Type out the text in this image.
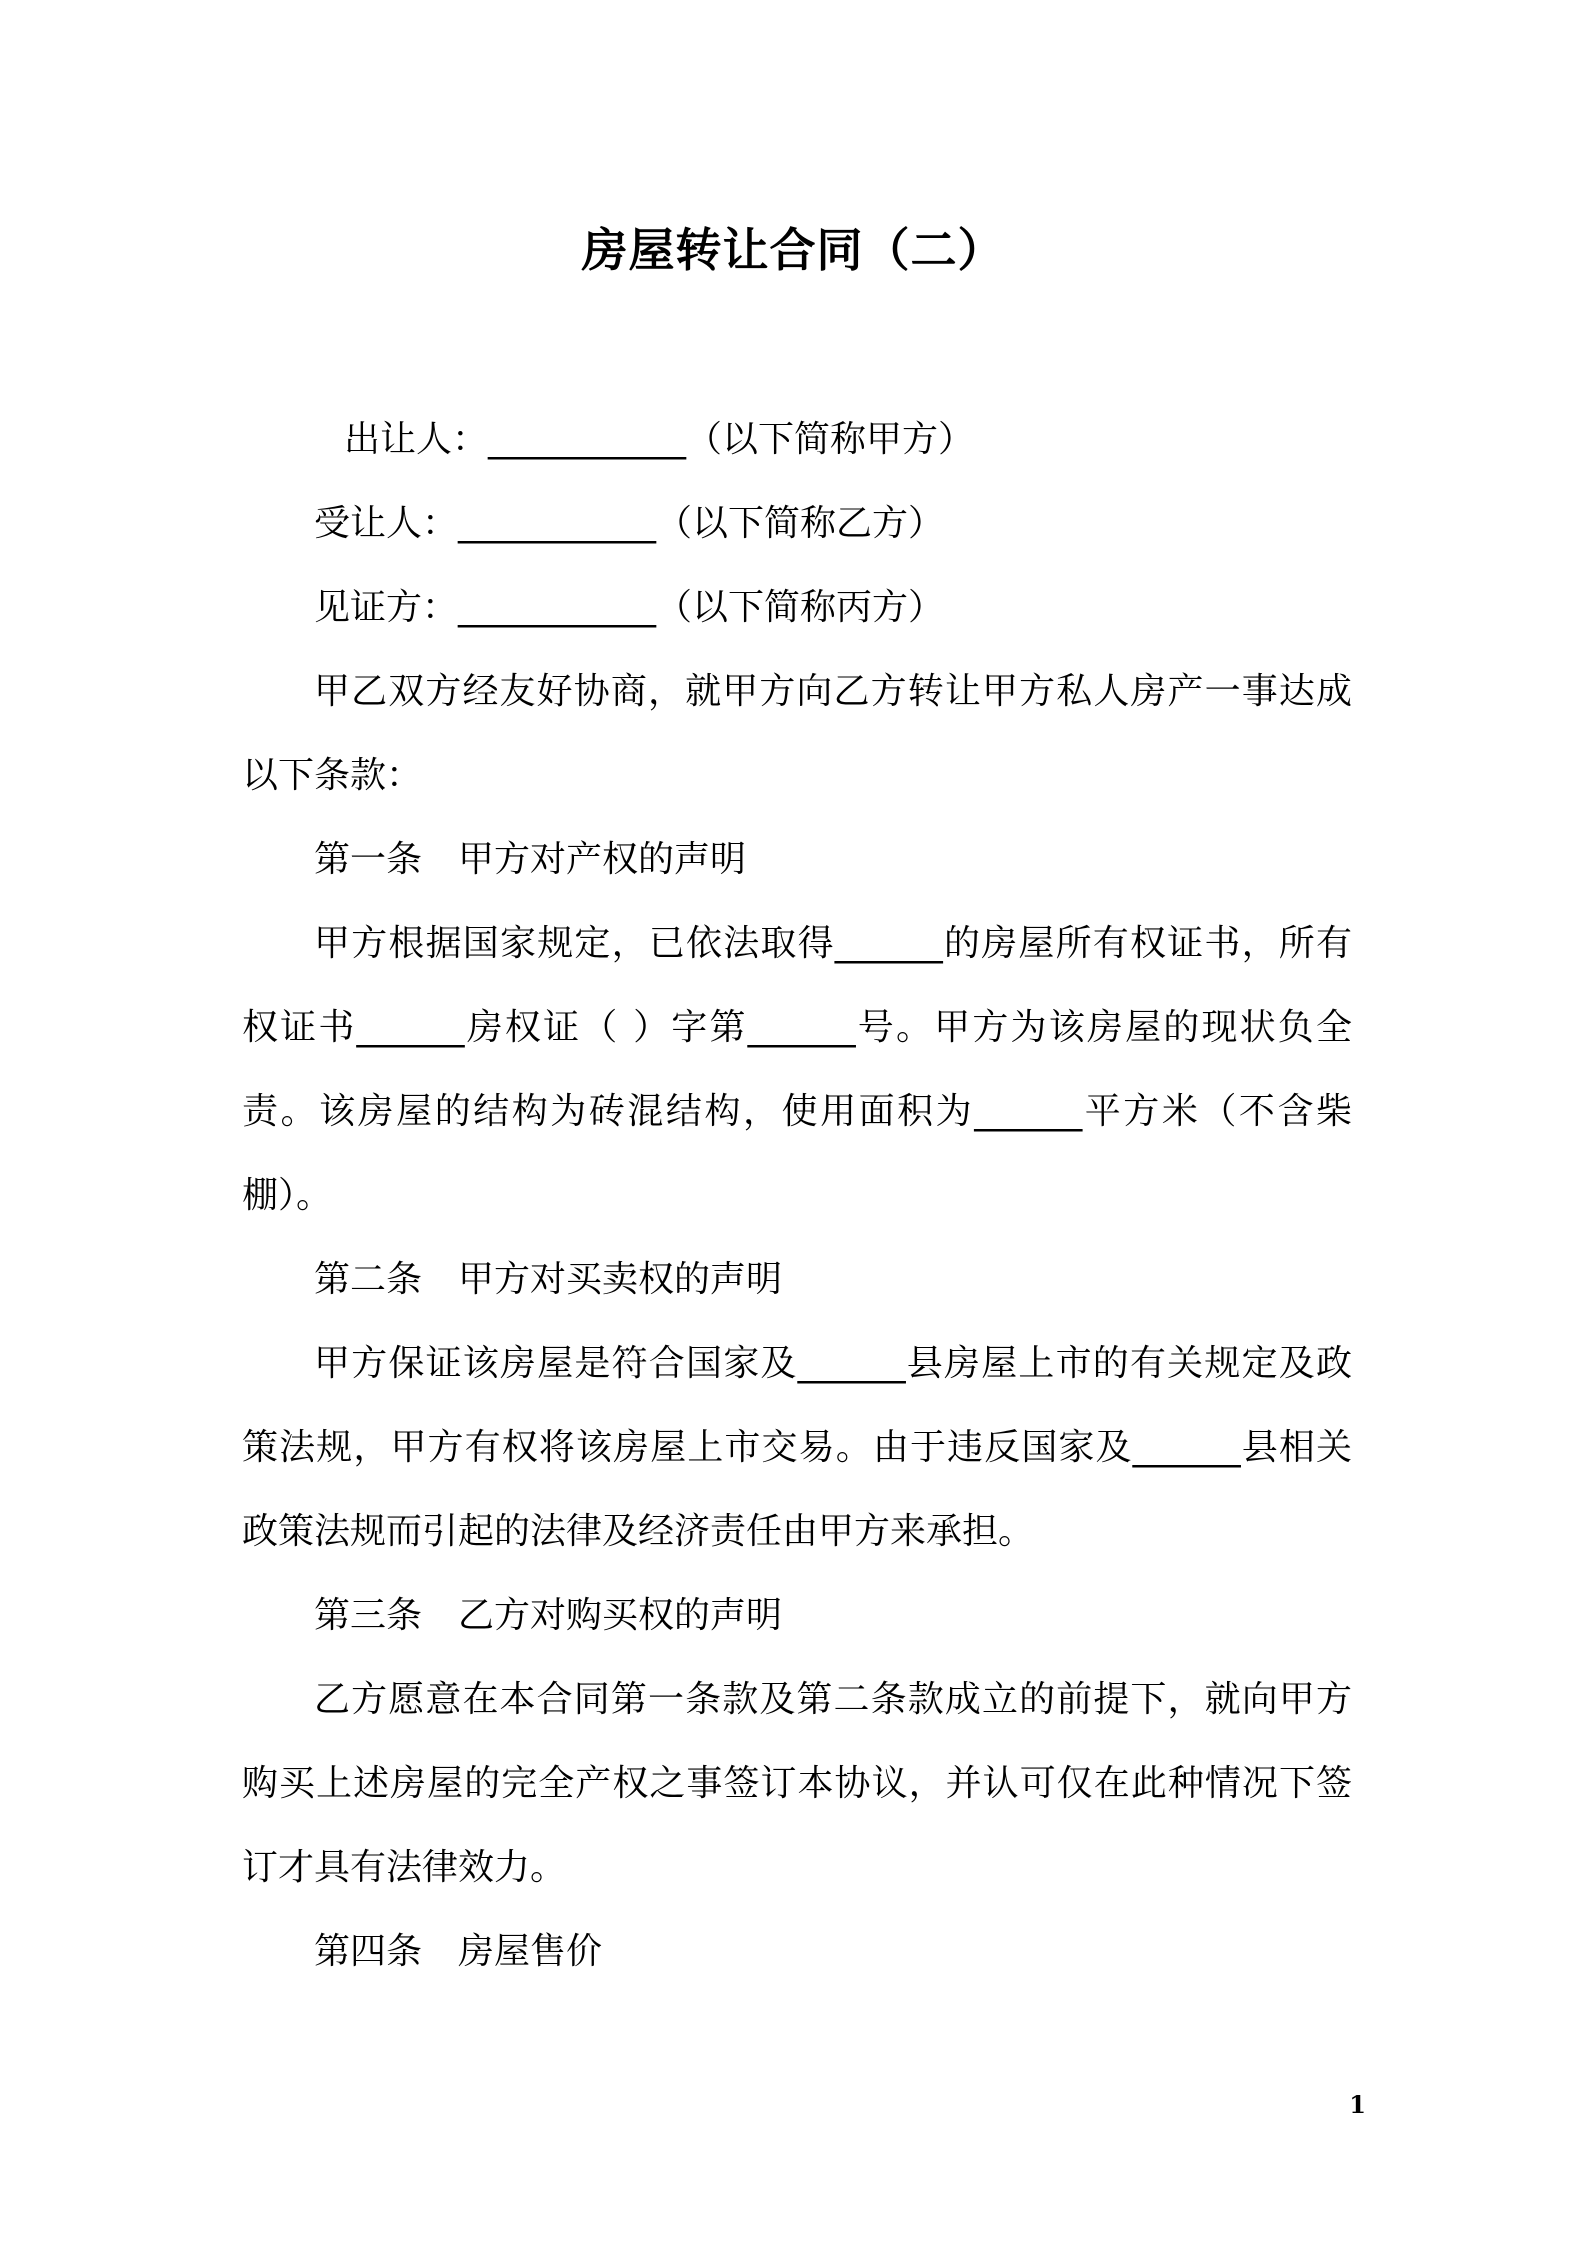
房屋转让合同（二）

出让人：___________（以下简称甲方）

受让人：___________（以下简称乙方）

见证方：___________（以下简称丙方）

甲乙双方经友好协商，就甲方向乙方转让甲方私人房产一事达成以下条款：

第一条　甲方对产权的声明

甲方根据国家规定，已依法取得______的房屋所有权证书，所有权证书______房权证（ ）字第______号。甲方为该房屋的现状负全责。该房屋的结构为砖混结构，使用面积为______平方米（不含柴棚）。

第二条　甲方对买卖权的声明

甲方保证该房屋是符合国家及______县房屋上市的有关规定及政策法规，甲方有权将该房屋上市交易。由于违反国家及______县相关政策法规而引起的法律及经济责任由甲方来承担。

第三条　乙方对购买权的声明

乙方愿意在本合同第一条款及第二条款成立的前提下，就向甲方购买上述房屋的完全产权之事签订本协议，并认可仅在此种情况下签订才具有法律效力。

第四条　房屋售价

1
